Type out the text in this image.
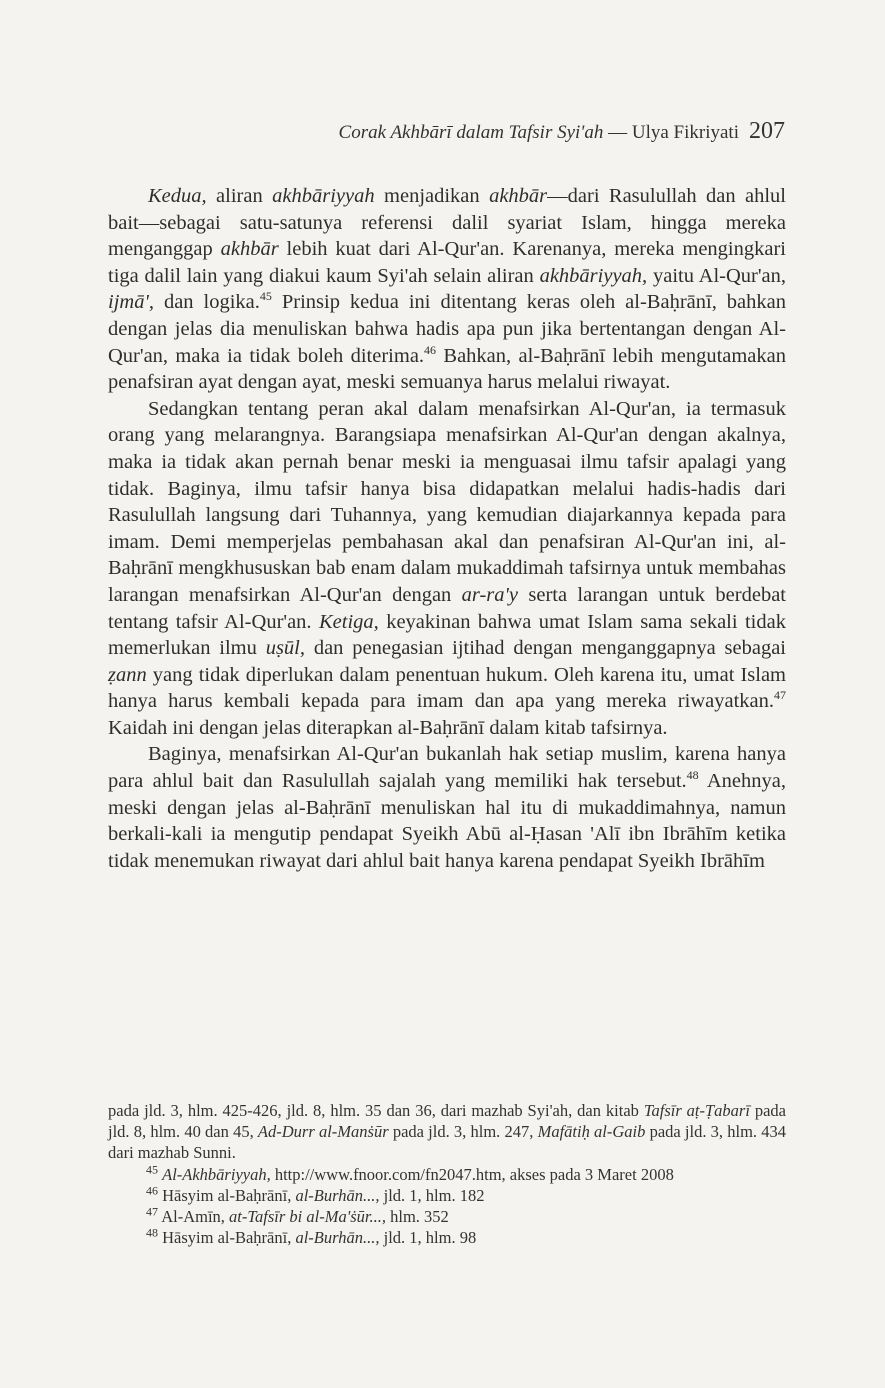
Corak Akhbārī dalam Tafsir Syi'ah — Ulya Fikriyati 207

Kedua, aliran akhbāriyyah menjadikan akhbār—dari Rasulullah dan ahlul bait—sebagai satu-satunya referensi dalil syariat Islam, hingga mereka menganggap akhbār lebih kuat dari Al-Qur'an. Karenanya, mereka mengingkari tiga dalil lain yang diakui kaum Syi'ah selain aliran akhbāriyyah, yaitu Al-Qur'an, ijmā', dan logika.$^{45}$ Prinsip kedua ini ditentang keras oleh al-Baḥrānī, bahkan dengan jelas dia menuliskan bahwa hadis apa pun jika bertentangan dengan Al-Qur'an, maka ia tidak boleh diterima.$^{46}$ Bahkan, al-Baḥrānī lebih mengutamakan penafsiran ayat dengan ayat, meski semuanya harus melalui riwayat.

Sedangkan tentang peran akal dalam menafsirkan Al-Qur'an, ia termasuk orang yang melarangnya. Barangsiapa menafsirkan Al-Qur'an dengan akalnya, maka ia tidak akan pernah benar meski ia menguasai ilmu tafsir apalagi yang tidak. Baginya, ilmu tafsir hanya bisa didapatkan melalui hadis-hadis dari Rasulullah langsung dari Tuhannya, yang kemudian diajarkannya kepada para imam. Demi memperjelas pembahasan akal dan penafsiran Al-Qur'an ini, al-Baḥrānī mengkhususkan bab enam dalam mukaddimah tafsirnya untuk membahas larangan menafsirkan Al-Qur'an dengan ar-ra'y serta larangan untuk berdebat tentang tafsir Al-Qur'an. Ketiga, keyakinan bahwa umat Islam sama sekali tidak memerlukan ilmu uṣūl, dan penegasian ijtihad dengan menganggapnya sebagai ẓann yang tidak diperlukan dalam penentuan hukum. Oleh karena itu, umat Islam hanya harus kembali kepada para imam dan apa yang mereka riwayatkan.$^{47}$ Kaidah ini dengan jelas diterapkan al-Baḥrānī dalam kitab tafsirnya.

Baginya, menafsirkan Al-Qur'an bukanlah hak setiap muslim, karena hanya para ahlul bait dan Rasulullah sajalah yang memiliki hak tersebut.$^{48}$ Anehnya, meski dengan jelas al-Baḥrānī menuliskan hal itu di mukaddimahnya, namun berkali-kali ia mengutip pendapat Syeikh Abū al-Ḥasan 'Alī ibn Ibrāhīm ketika tidak menemukan riwayat dari ahlul bait hanya karena pendapat Syeikh Ibrāhīm

pada jld. 3, hlm. 425-426, jld. 8, hlm. 35 dan 36, dari mazhab Syi'ah, dan kitab Tafsīr aṭ-Ṭabarī pada jld. 8, hlm. 40 dan 45, Ad-Durr al-Manṡūr pada jld. 3, hlm. 247, Mafātiḥ al-Gaib pada jld. 3, hlm. 434 dari mazhab Sunni.

$^{45}$ Al-Akhbāriyyah, http://www.fnoor.com/fn2047.htm, akses pada 3 Maret 2008

$^{46}$ Hāsyim al-Baḥrānī, al-Burhān..., jld. 1, hlm. 182

$^{47}$ Al-Amīn, at-Tafsīr bi al-Ma'ṡūr..., hlm. 352

$^{48}$ Hāsyim al-Baḥrānī, al-Burhān..., jld. 1, hlm. 98
